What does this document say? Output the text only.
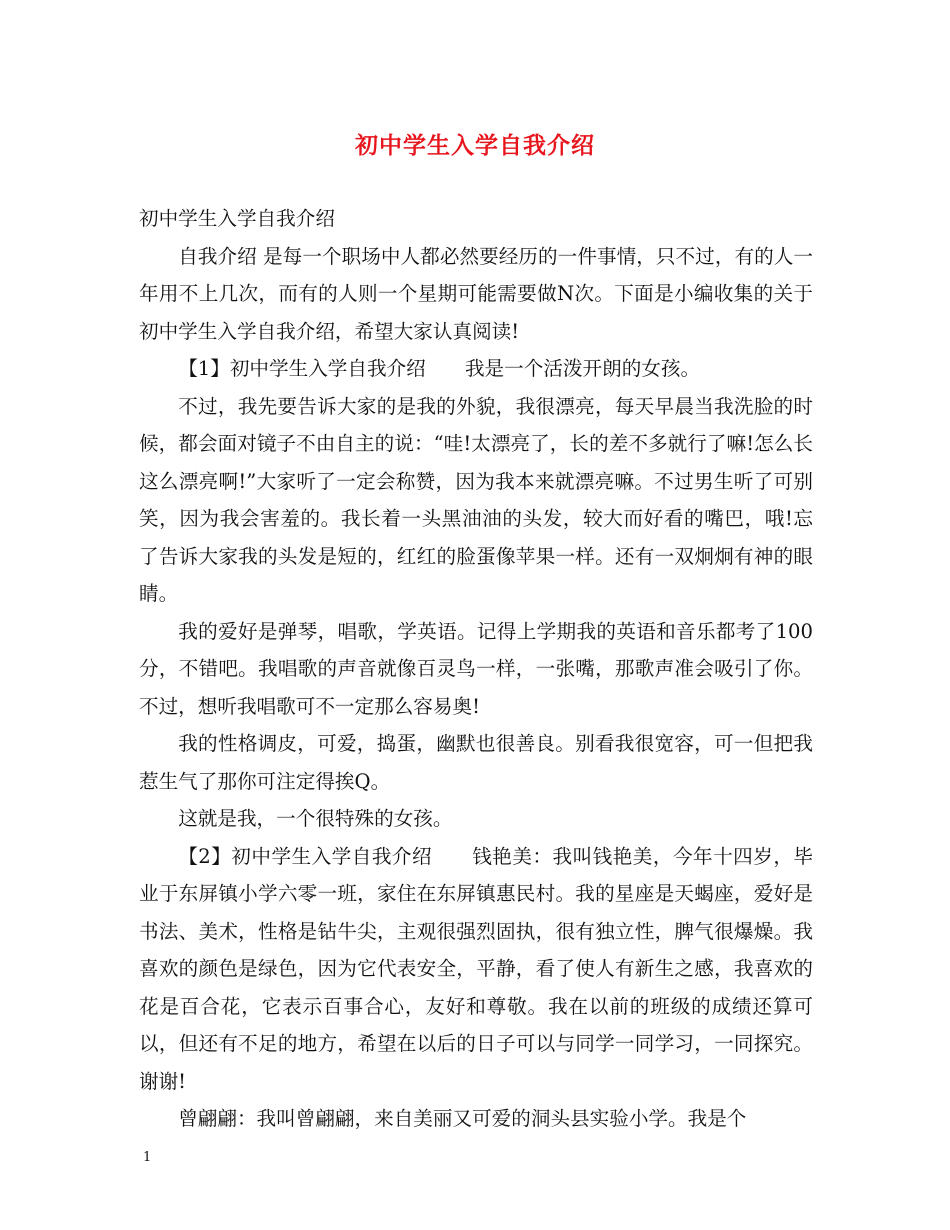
初中学生入学自我介绍

初中学生入学自我介绍

自我介绍 是每一个职场中人都必然要经历的一件事情，只不过，有的人一年用不上几次，而有的人则一个星期可能需要做N次。下面是小编收集的关于初中学生入学自我介绍，希望大家认真阅读!

【1】初中学生入学自我介绍　　我是一个活泼开朗的女孩。

不过，我先要告诉大家的是我的外貌，我很漂亮，每天早晨当我洗脸的时候，都会面对镜子不由自主的说：“哇!太漂亮了，长的差不多就行了嘛!怎么长这么漂亮啊!”大家听了一定会称赞，因为我本来就漂亮嘛。不过男生听了可别笑，因为我会害羞的。我长着一头黑油油的头发，较大而好看的嘴巴，哦!忘了告诉大家我的头发是短的，红红的脸蛋像苹果一样。还有一双炯炯有神的眼睛。

我的爱好是弹琴，唱歌，学英语。记得上学期我的英语和音乐都考了100分，不错吧。我唱歌的声音就像百灵鸟一样，一张嘴，那歌声准会吸引了你。不过，想听我唱歌可不一定那么容易奥!

我的性格调皮，可爱，捣蛋，幽默也很善良。别看我很宽容，可一但把我惹生气了那你可注定得挨Q。

这就是我，一个很特殊的女孩。

【2】初中学生入学自我介绍　　钱艳美：我叫钱艳美，今年十四岁，毕业于东屏镇小学六零一班，家住在东屏镇惠民村。我的星座是天蝎座，爱好是书法、美术，性格是钻牛尖，主观很强烈固执，很有独立性，脾气很爆燥。我喜欢的颜色是绿色，因为它代表安全，平静，看了使人有新生之感，我喜欢的花是百合花，它表示百事合心，友好和尊敬。我在以前的班级的成绩还算可以，但还有不足的地方，希望在以后的日子可以与同学一同学习，一同探究。谢谢!

曾翩翩：我叫曾翩翩，来自美丽又可爱的洞头县实验小学。我是个

1
